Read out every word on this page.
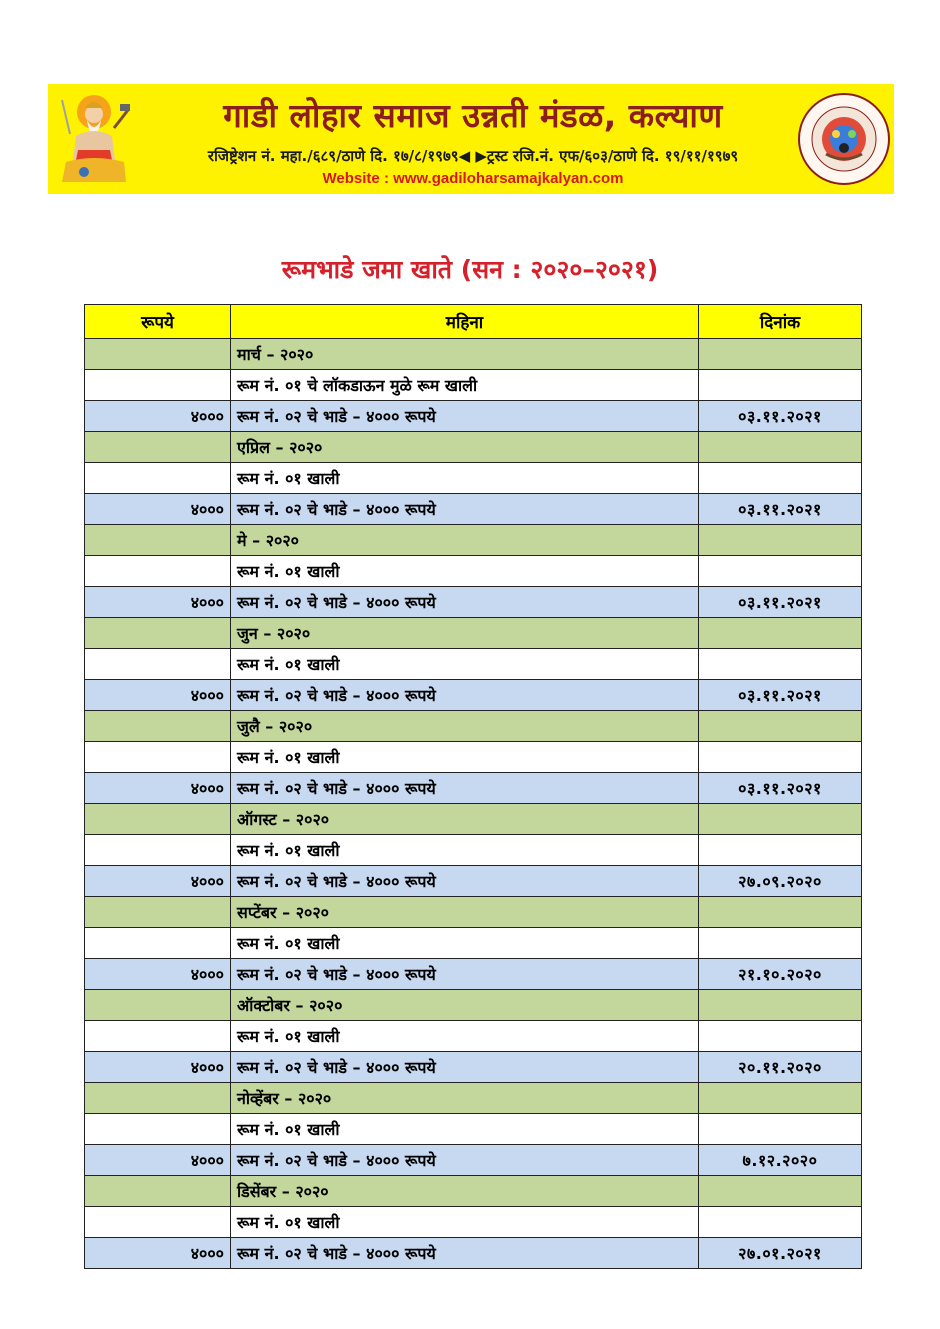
गाडी लोहार समाज उन्नती मंडळ, कल्याण
रजिष्ट्रेशन नं. महा./६८९/ठाणे दि. १७/८/१९७९◀ ▶ट्रस्ट रजि.नं. एफ/६०३/ठाणे दि. १९/११/१९७९
Website : www.gadiloharsamajkalyan.com
रूमभाडे जमा खाते (सन : २०२०–२०२१)
रूपये	महिना	दिनांक
	मार्च – २०२०	
	रूम नं. ०१ चे लॉकडाऊन मुळे रूम खाली	
४०००	रूम नं. ०२ चे भाडे – ४००० रूपये	०३.११.२०२१
	एप्रिल – २०२०	
	रूम नं. ०१ खाली	
४०००	रूम नं. ०२ चे भाडे – ४००० रूपये	०३.११.२०२१
	मे – २०२०	
	रूम नं. ०१ खाली	
४०००	रूम नं. ०२ चे भाडे – ४००० रूपये	०३.११.२०२१
	जुन – २०२०	
	रूम नं. ०१ खाली	
४०००	रूम नं. ०२ चे भाडे – ४००० रूपये	०३.११.२०२१
	जुलै – २०२०	
	रूम नं. ०१ खाली	
४०००	रूम नं. ०२ चे भाडे – ४००० रूपये	०३.११.२०२१
	ऑगस्ट – २०२०	
	रूम नं. ०१ खाली	
४०००	रूम नं. ०२ चे भाडे – ४००० रूपये	२७.०९.२०२०
	सप्टेंबर – २०२०	
	रूम नं. ०१ खाली	
४०००	रूम नं. ०२ चे भाडे – ४००० रूपये	२१.१०.२०२०
	ऑक्टोबर – २०२०	
	रूम नं. ०१ खाली	
४०००	रूम नं. ०२ चे भाडे – ४००० रूपये	२०.११.२०२०
	नोव्हेंबर – २०२०	
	रूम नं. ०१ खाली	
४०००	रूम नं. ०२ चे भाडे – ४००० रूपये	७.१२.२०२०
	डिसेंबर – २०२०	
	रूम नं. ०१ खाली	
४०००	रूम नं. ०२ चे भाडे – ४००० रूपये	२७.०१.२०२१
